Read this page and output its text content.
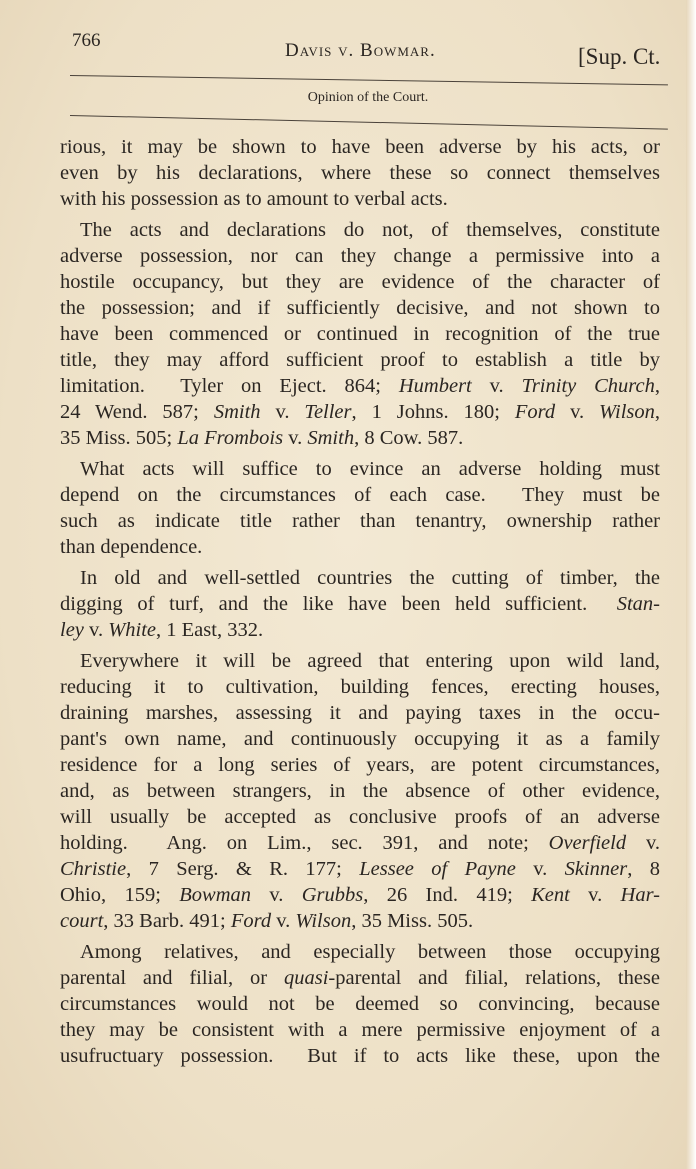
766	Davis v. Bowmar.	[Sup. Ct.
Opinion of the Court.
rious, it may be shown to have been adverse by his acts, or
even by his declarations, where these so connect themselves
with his possession as to amount to verbal acts.
The acts and declarations do not, of themselves, constitute
adverse possession, nor can they change a permissive into a
hostile occupancy, but they are evidence of the character of
the possession; and if sufficiently decisive, and not shown to
have been commenced or continued in recognition of the true
title, they may afford sufficient proof to establish a title by
limitation.  Tyler on Eject. 864; Humbert v. Trinity Church,
24 Wend. 587; Smith v. Teller, 1 Johns. 180; Ford v. Wilson,
35 Miss. 505; La Frombois v. Smith, 8 Cow. 587.
What acts will suffice to evince an adverse holding must
depend on the circumstances of each case.  They must be
such as indicate title rather than tenantry, ownership rather
than dependence.
In old and well-settled countries the cutting of timber, the
digging of turf, and the like have been held sufficient.  Stan-
ley v. White, 1 East, 332.
Everywhere it will be agreed that entering upon wild land,
reducing it to cultivation, building fences, erecting houses,
draining marshes, assessing it and paying taxes in the occu-
pant's own name, and continuously occupying it as a family
residence for a long series of years, are potent circumstances,
and, as between strangers, in the absence of other evidence,
will usually be accepted as conclusive proofs of an adverse
holding.  Ang. on Lim., sec. 391, and note; Overfield v.
Christie, 7 Serg. & R. 177; Lessee of Payne v. Skinner, 8
Ohio, 159; Bowman v. Grubbs, 26 Ind. 419; Kent v. Har-
court, 33 Barb. 491; Ford v. Wilson, 35 Miss. 505.
Among relatives, and especially between those occupying
parental and filial, or quasi-parental and filial, relations, these
circumstances would not be deemed so convincing, because
they may be consistent with a mere permissive enjoyment of a
usufructuary possession.  But if to acts like these, upon the
